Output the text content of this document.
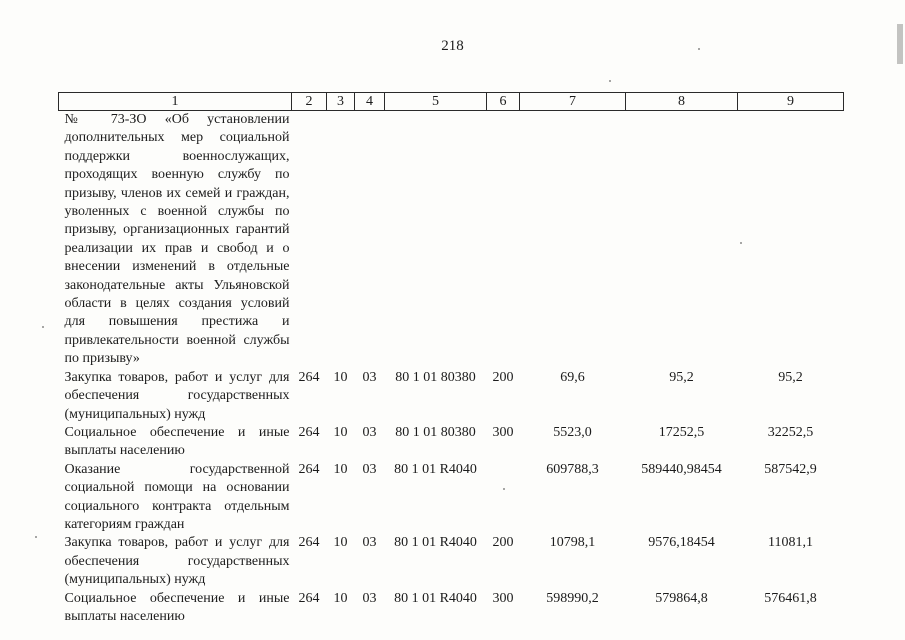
218
1	2	3	4	5	6	7	8	9
№ 73-ЗО «Об установлении дополнительных мер социальной поддержки военнослужащих, проходящих военную службу по призыву, членов их семей и граждан, уволенных с военной службы по призыву, организационных гарантий реализации их прав и свобод и о внесении изменений в отдельные законодательные акты Ульяновской области в целях создания условий для повышения престижа и привлекательности военной службы по призыву»								
Закупка товаров, работ и услуг для обеспечения государственных (муниципальных) нужд	264	10	03	80 1 01 80380	200	69,6	95,2	95,2
Социальное обеспечение и иные выплаты населению	264	10	03	80 1 01 80380	300	5523,0	17252,5	32252,5
Оказание государственной социальной помощи на основании социального контракта отдельным категориям граждан	264	10	03	80 1 01 R4040		609788,3	589440,98454	587542,9
Закупка товаров, работ и услуг для обеспечения государственных (муниципальных) нужд	264	10	03	80 1 01 R4040	200	10798,1	9576,18454	11081,1
Социальное обеспечение и иные выплаты населению	264	10	03	80 1 01 R4040	300	598990,2	579864,8	576461,8
